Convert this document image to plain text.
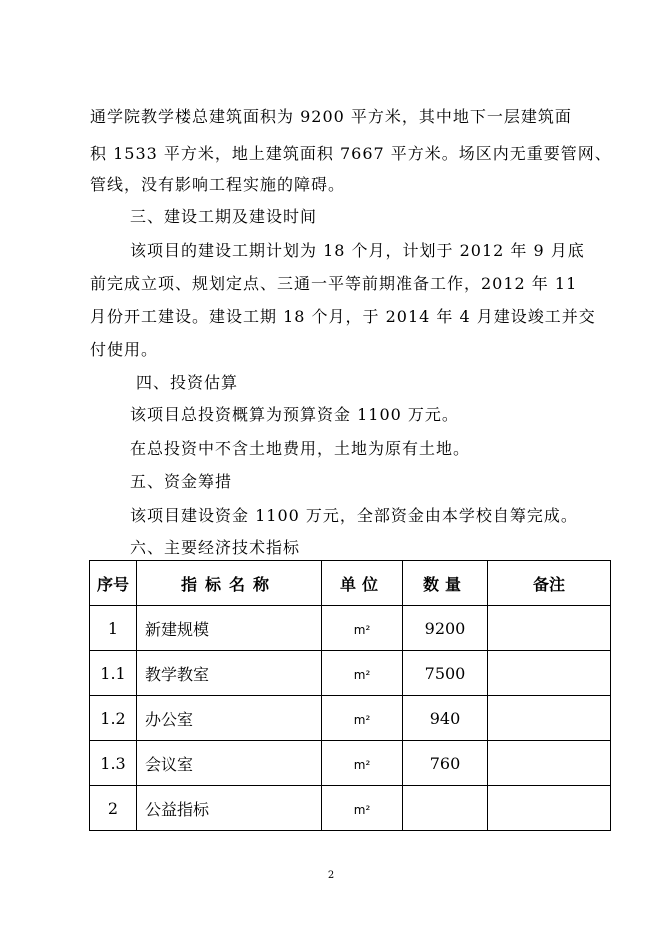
通学院教学楼总建筑面积为 9200 平方米，其中地下一层建筑面
积 1533 平方米，地上建筑面积 7667 平方米。场区内无重要管网、
管线，没有影响工程实施的障碍。
三、建设工期及建设时间
该项目的建设工期计划为 18 个月，计划于 2012 年 9 月底
前完成立项、规划定点、三通一平等前期准备工作，2012 年 11
月份开工建设。建设工期 18 个月，于 2014 年 4 月建设竣工并交
付使用。
四、投资估算
该项目总投资概算为预算资金 1100 万元。
在总投资中不含土地费用，土地为原有土地。
五、资金筹措
该项目建设资金 1100 万元，全部资金由本学校自筹完成。
六、主要经济技术指标
序号	指标名称	单位	数量	备注
1	新建规模	m²	9200	
1.1	教学教室	m²	7500	
1.2	办公室	m²	940	
1.3	会议室	m²	760	
2	公益指标	m²		
2
